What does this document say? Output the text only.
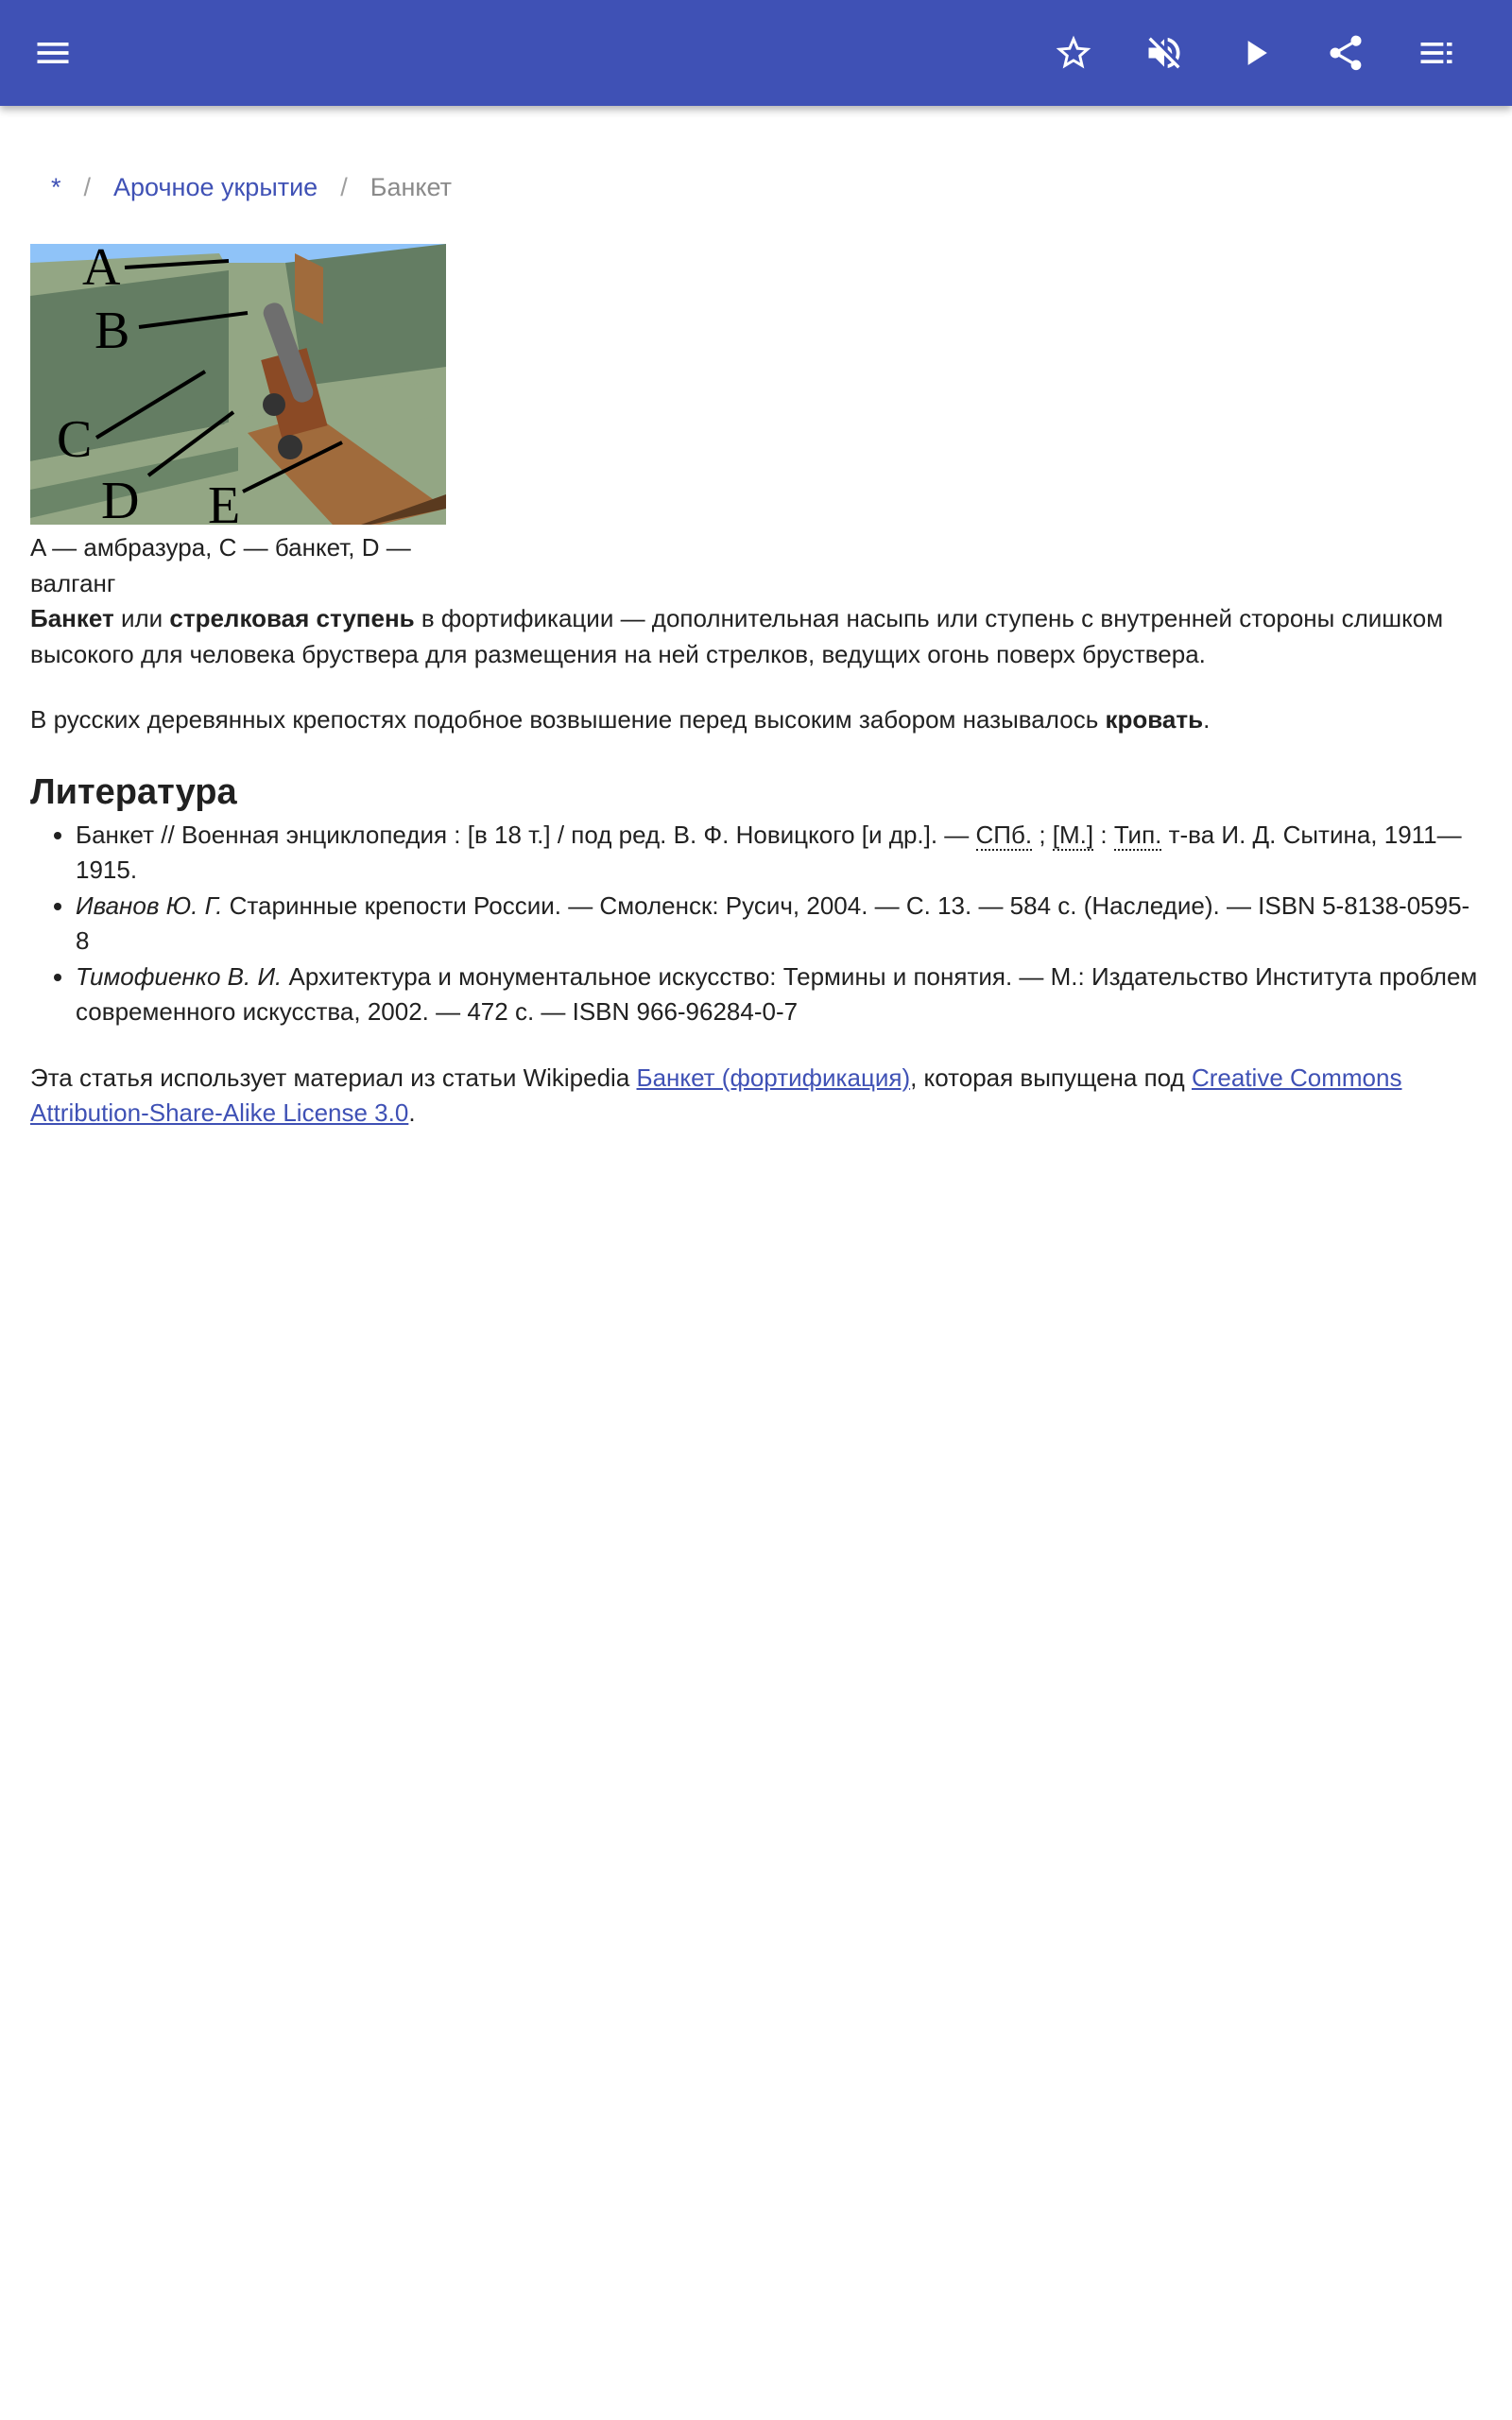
* / Арочное укрытие / Банкет
A
B
C
D E
A — амбразура, C — банкет, D — валганг

Банкет или стрелковая ступень в фортификации — дополнительная насыпь или ступень с внутренней стороны слишком высокого для человека бруствера для размещения на ней стрелков, ведущих огонь поверх бруствера.

В русских деревянных крепостях подобное возвышение перед высоким забором называлось кровать.

Литература
• Банкет // Военная энциклопедия : [в 18 т.] / под ред. В. Ф. Новицкого [и др.]. — СПб. ; [М.] : Тип. т-ва И. Д. Сытина, 1911—1915.
• Иванов Ю. Г. Старинные крепости России. — Смоленск: Русич, 2004. — С. 13. — 584 с. (Наследие). — ISBN 5-8138-0595-8
• Тимофиенко В. И. Архитектура и монументальное искусство: Термины и понятия. — М.: Издательство Института проблем современного искусства, 2002. — 472 с. — ISBN 966-96284-0-7

Эта статья использует материал из статьи Wikipedia Банкет (фортификация), которая выпущена под Creative Commons Attribution-Share-Alike License 3.0.
